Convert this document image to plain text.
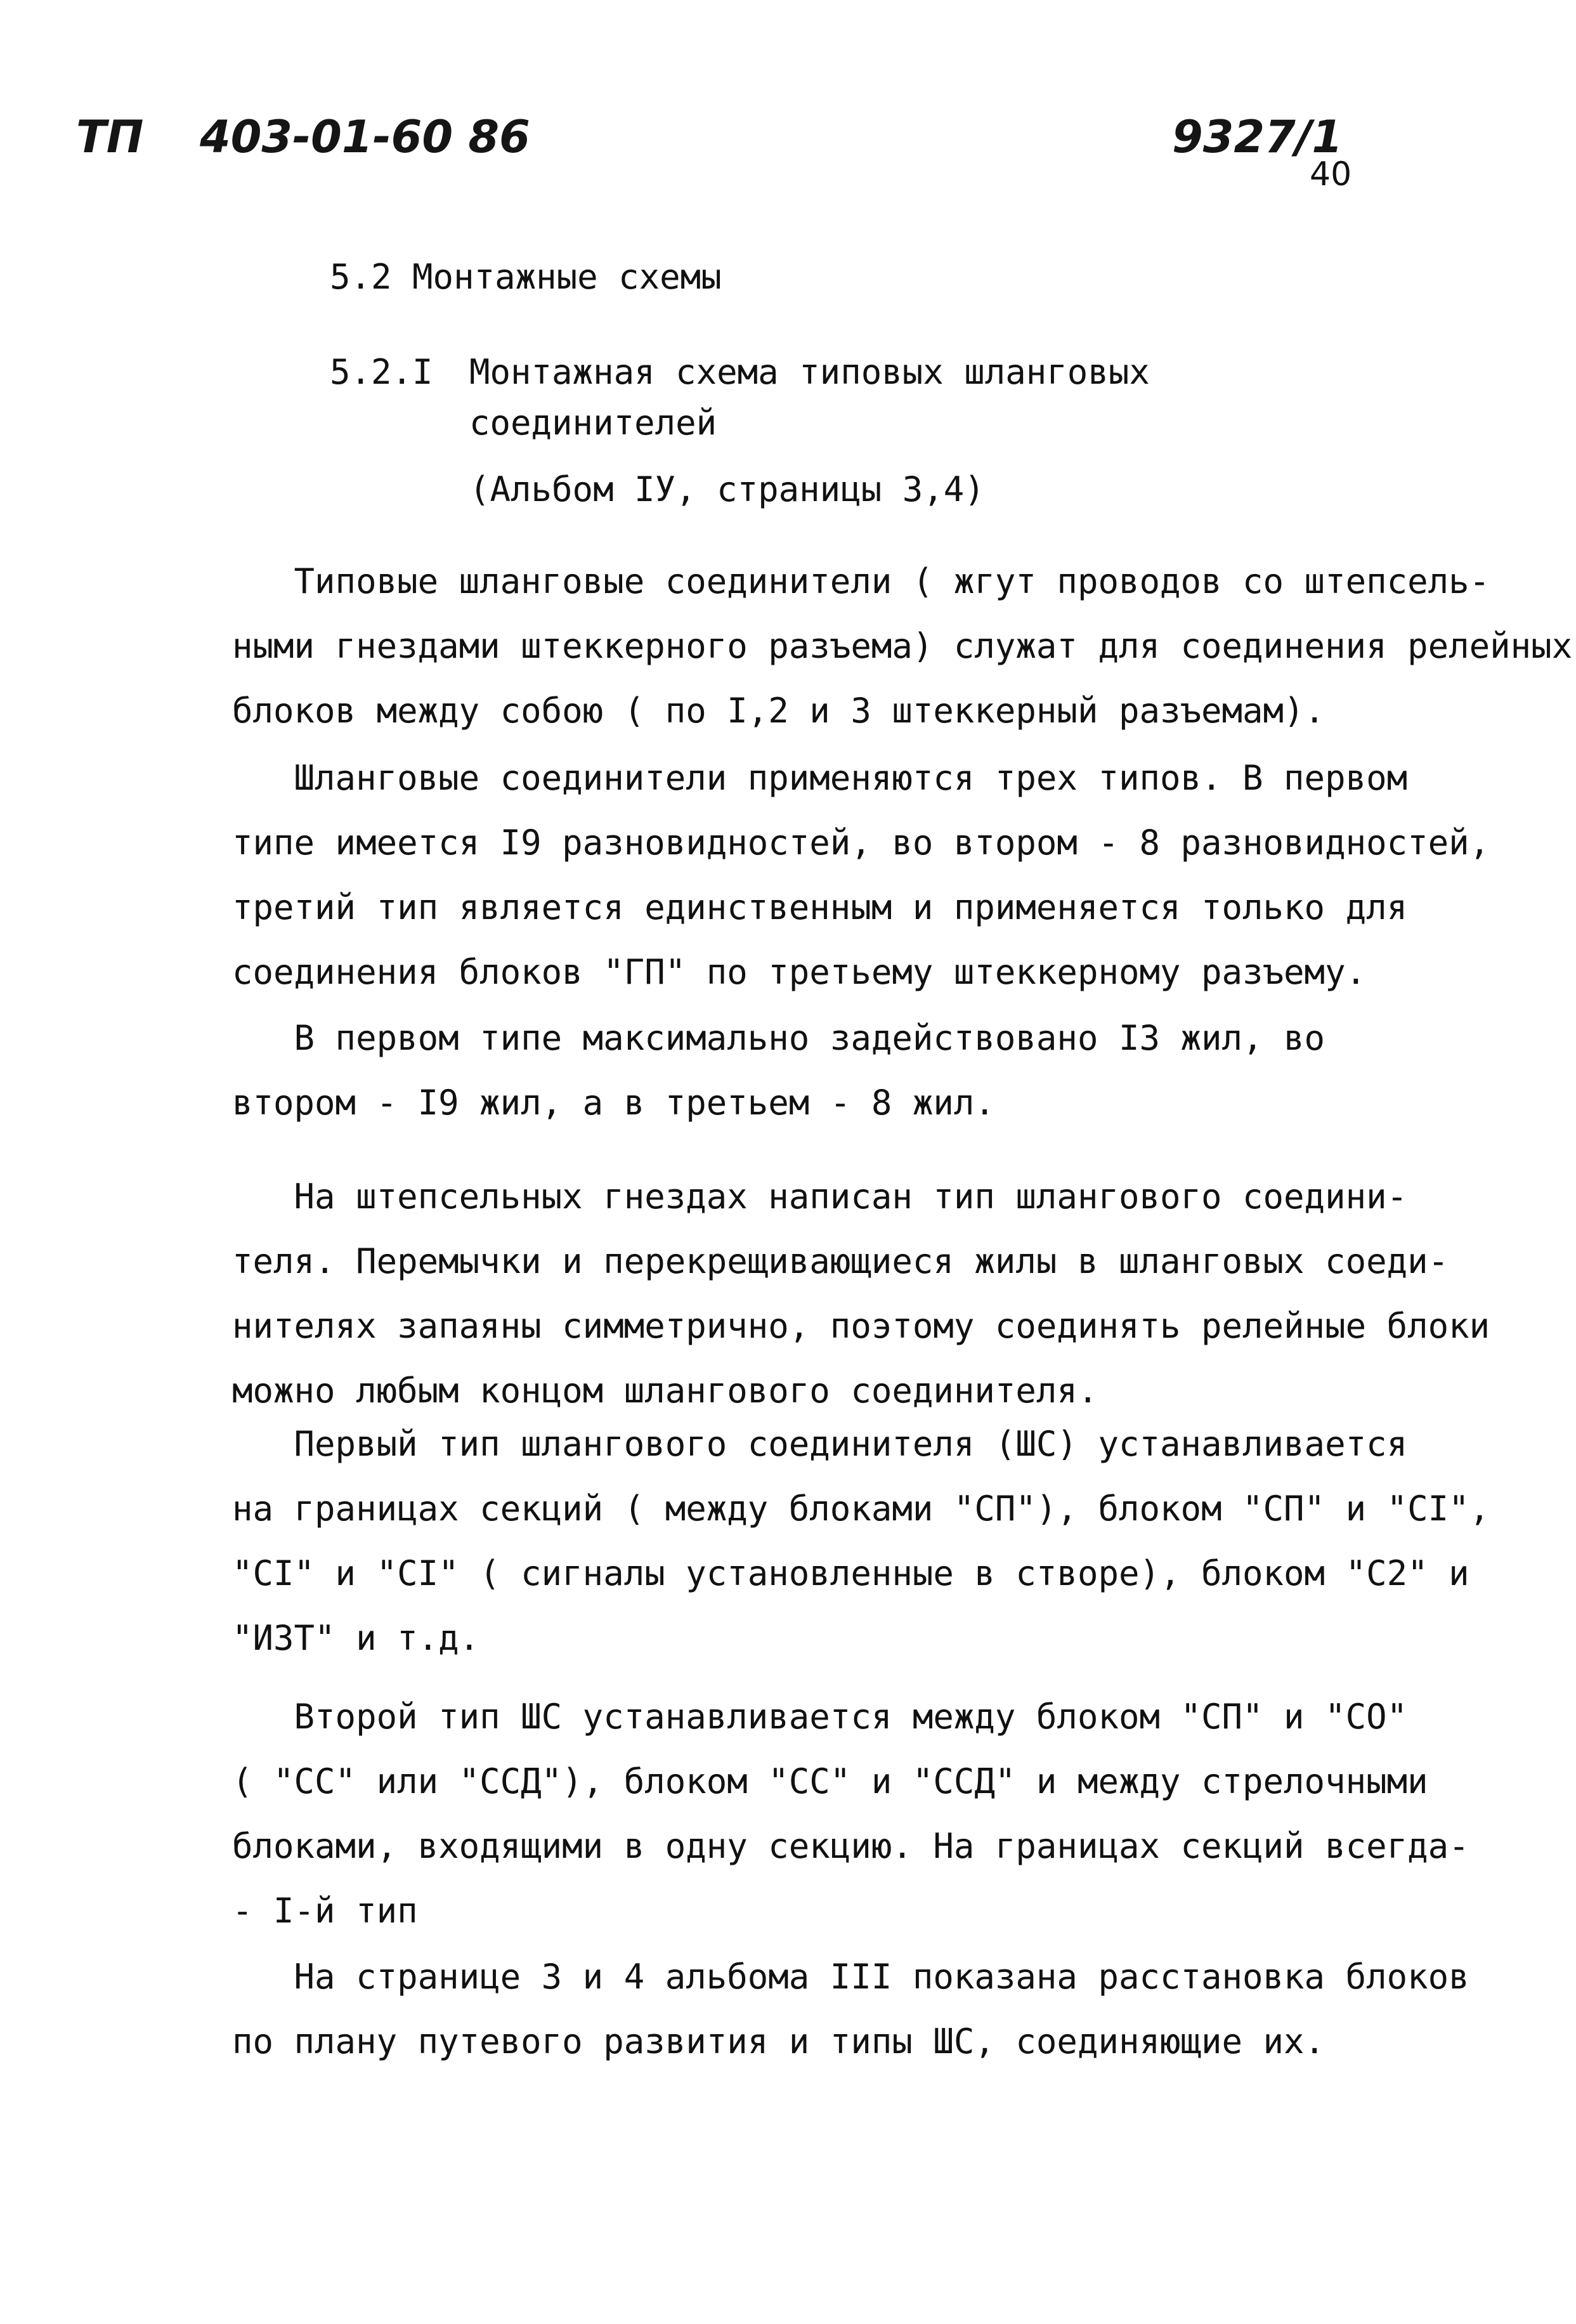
ТП 403-01-60 86	9327/1
40
5.2 Монтажные схемы
5.2.I Монтажная схема типовых шланговых
соединителей
(Альбом IУ, страницы 3,4)
Типовые шланговые соединители ( жгут проводов со штепсель-
ными гнездами штеккерного разъема) служат для соединения релейных
блоков между собою ( по I,2 и 3 штеккерный разъемам).
Шланговые соединители применяются трех типов. В первом
типе имеется I9 разновидностей, во втором - 8 разновидностей,
третий тип является единственным и применяется только для
соединения блоков "ГП" по третьему штеккерному разъему.
В первом типе максимально задействовано I3 жил, во
втором - I9 жил, а в третьем - 8 жил.
На штепсельных гнездах написан тип шлангового соедини-
теля. Перемычки и перекрещивающиеся жилы в шланговых соеди-
нителях запаяны симметрично, поэтому соединять релейные блоки
можно любым концом шлангового соединителя.
Первый тип шлангового соединителя (ШС) устанавливается
на границах секций ( между блоками "СП"), блоком "СП" и "СI",
"СI" и "СI" ( сигналы установленные в створе), блоком "С2" и
"ИЗТ" и т.д.
Второй тип ШС устанавливается между блоком "СП" и "СО"
( "СС" или "ССД"), блоком "СС" и "ССД" и между стрелочными
блоками, входящими в одну секцию. На границах секций всегда-
- I-й тип
На странице 3 и 4 альбома III показана расстановка блоков
по плану путевого развития и типы ШС, соединяющие их.
